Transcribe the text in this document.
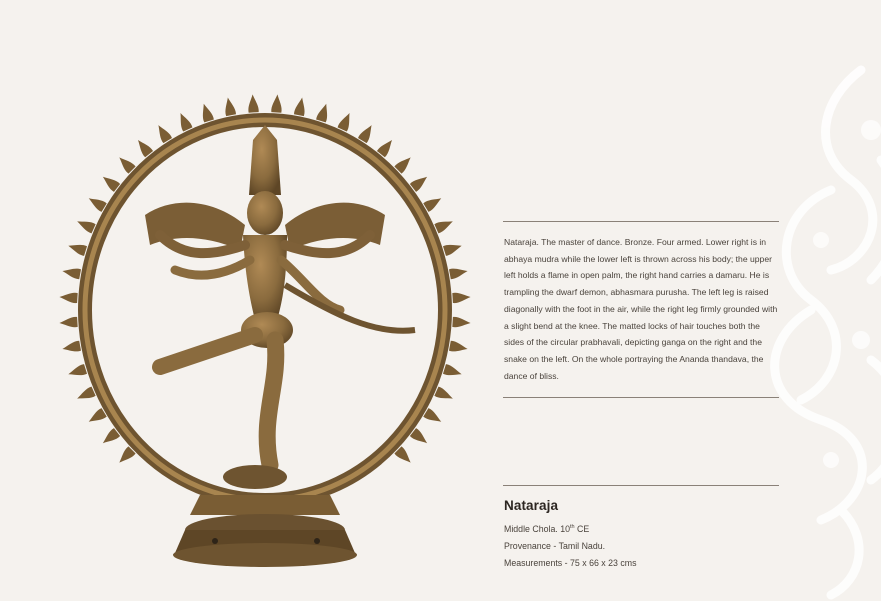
Nataraja. The master of dance. Bronze. Four armed. Lower right is in abhaya mudra while the lower left is thrown across his body; the upper left holds a flame in open palm, the right hand carries a damaru. He is trampling the dwarf demon, abhasmara purusha. The left leg is raised diagonally with the foot in the air, while the right leg firmly grounded with a slight bend at the knee. The matted locks of hair touches both the sides of the circular prabhavali, depicting ganga on the right and the snake on the left. On the whole portraying the Ananda thandava, the dance of bliss.

Nataraja

Middle Chola. 10th CE

Provenance - Tamil Nadu.

Measurements - 75 x 66 x 23 cms
